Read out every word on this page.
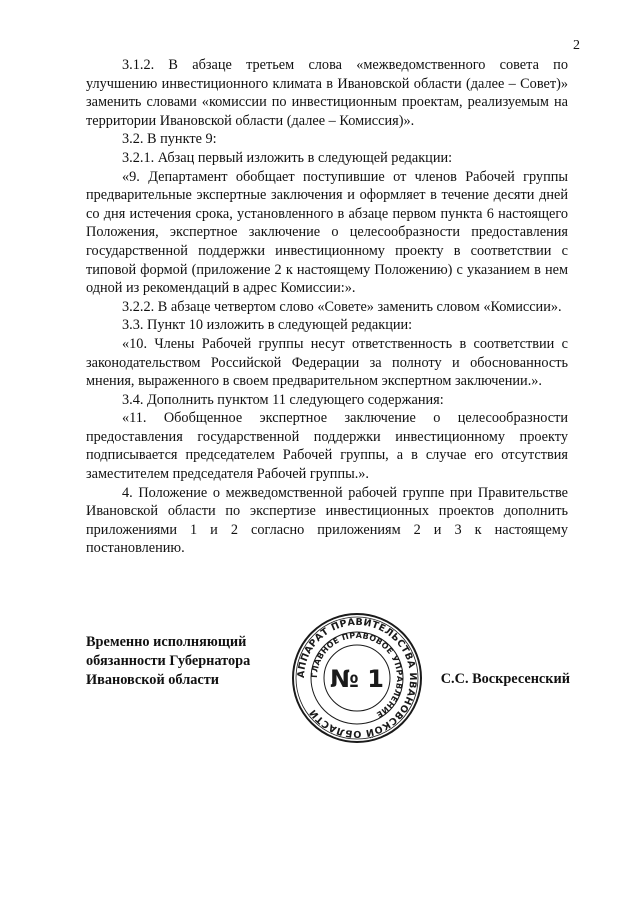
2

3.1.2. В абзаце третьем слова «межведомственного совета по улучшению инвестиционного климата в Ивановской области (далее – Совет)» заменить словами «комиссии по инвестиционным проектам, реализуемым на территории Ивановской области (далее – Комиссия)».

3.2. В пункте 9:

3.2.1. Абзац первый изложить в следующей редакции:

«9. Департамент обобщает поступившие от членов Рабочей группы предварительные экспертные заключения и оформляет в течение десяти дней со дня истечения срока, установленного в абзаце первом пункта 6 настоящего Положения, экспертное заключение о целесообразности предоставления государственной поддержки инвестиционному проекту в соответствии с типовой формой (приложение 2 к настоящему Положению) с указанием в нем одной из рекомендаций в адрес Комиссии:».

3.2.2. В абзаце четвертом слово «Совете» заменить словом «Комиссии».

3.3. Пункт 10 изложить в следующей редакции:

«10. Члены Рабочей группы несут ответственность в соответствии с законодательством Российской Федерации за полноту и обоснованность мнения, выраженного в своем предварительном экспертном заключении.».

3.4. Дополнить пунктом 11 следующего содержания:

«11. Обобщенное экспертное заключение о целесообразности предоставления государственной поддержки инвестиционному проекту подписывается председателем Рабочей группы, а в случае его отсутствия заместителем председателя Рабочей группы.».

4. Положение о межведомственной рабочей группе при Правительстве Ивановской области по экспертизе инвестиционных проектов дополнить приложениями 1 и 2 согласно приложениям 2 и 3 к настоящему постановлению.

Временно исполняющий
обязанности Губернатора
Ивановской области	АППАРАТ ПРАВИТЕЛЬСТВА ИВАНОВСКОЙ ОБЛАСТИ
ГЛАВНОЕ ПРАВОВОЕ УПРАВЛЕНИЕ
№ 1	С.С. Воскресенский
